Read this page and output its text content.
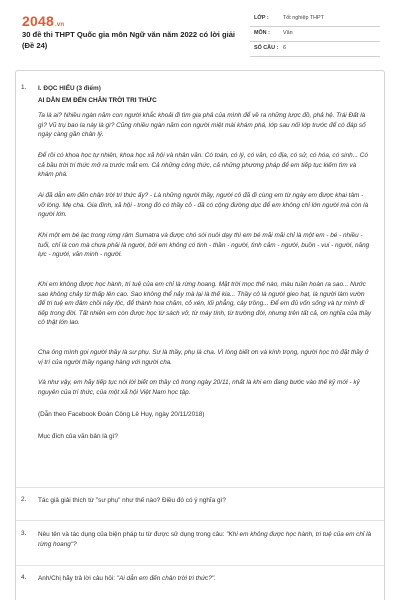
2048.vn
30 đề thi THPT Quốc gia môn Ngữ văn năm 2022 có lời giải (Đề 24)
LỚP :	Tốt nghiệp THPT
MÔN : Văn
SỐ CÂU : 6
1. I. ĐỌC HIỂU (3 điểm)
AI DẪN EM ĐẾN CHÂN TRỜI TRI THỨC

Ta là ai? Nhiều ngàn năm con người khắc khoải đi tìm gia phả của mình để về ra những lược đồ, phả hệ. Trái Đất là gì? Vũ trụ bao la này là gì? Cũng nhiều ngàn năm con người miệt mài khám phá, lớp sau nối lớp trước để có đáp số ngày càng gần chân lý.

Để rồi có khoa học tự nhiên, khoa học xã hội và nhân văn. Có toán, có lý, có văn, có địa, có sử, có hóa, có sinh... Có cả bầu trời tri thức mở ra trước mắt em. Cả những công thức, cả những phương pháp để em tiếp tục kiếm tìm và khám phá.

Ai đã dẫn em đến chân trời tri thức ấy? - Là những người thầy, người cô đã đi cùng em từ ngày em được khai tâm - vỡ lòng. Mẹ cha. Gia đình, xã hội - trong đó có thầy cô - đã có cộng đường dục để em không chỉ lớn người mà còn là người lớn.

Khi một em bé lạc trong rừng rậm Sumatra và được chó sói nuôi dạy thì em bé mãi mãi chỉ là một em - bé - nhiều - tuổi, chỉ là con mà chưa phải là người, bởi em không có tinh - thần - người, tình cảm - người, buồn - vui - người, năng lực - người, văn minh - người.

Khi em không được học hành, tri tuệ của em chỉ là rừng hoang. Mặt trời mọc thế nào, màu tuần hoàn ra sao... Nước sao không chảy từ thấp lên cao. Sao không thể nảy mà lại là thế kia... Thầy cô là người gieo hạt, là người làm vườn để tri tuệ em đâm chồi nảy lộc, để thành hoa chăm, cỏ xén, lối phẳng, cây trồng... Để em đủ vốn sống và tự mình đi tiếp trong đời. Tất nhiên em còn được học từ sách vở, từ máy tính, từ trường đời, nhưng trên tất cả, ơn nghĩa của thầy cô thật lớn lao.

Cha ông mình gọi người thầy là sư phụ. Sư là thầy, phụ là cha. Vì lòng biết ơn và kính trọng, người học trò đặt thầy ở vị trí của người thầy ngang hàng với người cha.

Và như vậy, em hãy tiếp tục nói lời biết ơn thầy cô trong ngày 20/11, nhất là khi em đang bước vào thế kỷ mới - kỷ nguyên của trí thức, của một xã hội Việt Nam học tập.

(Dẫn theo Facebook Đoàn Công Lê Huy, ngày 20/11/2018)

Mục đích của văn bản là gì?

2. Tác giả giải thích từ "sư phụ" như thế nào? Điều đó có ý nghĩa gì?
3. Nêu tên và tác dụng của biện pháp tu từ được sử dụng trong câu: "Khi em không được học hành, tri tuệ của em chỉ là rừng hoang"?

4. Anh/Chị hãy trả lời câu hỏi: "Ai dẫn em đến chân trời tri thức?".
